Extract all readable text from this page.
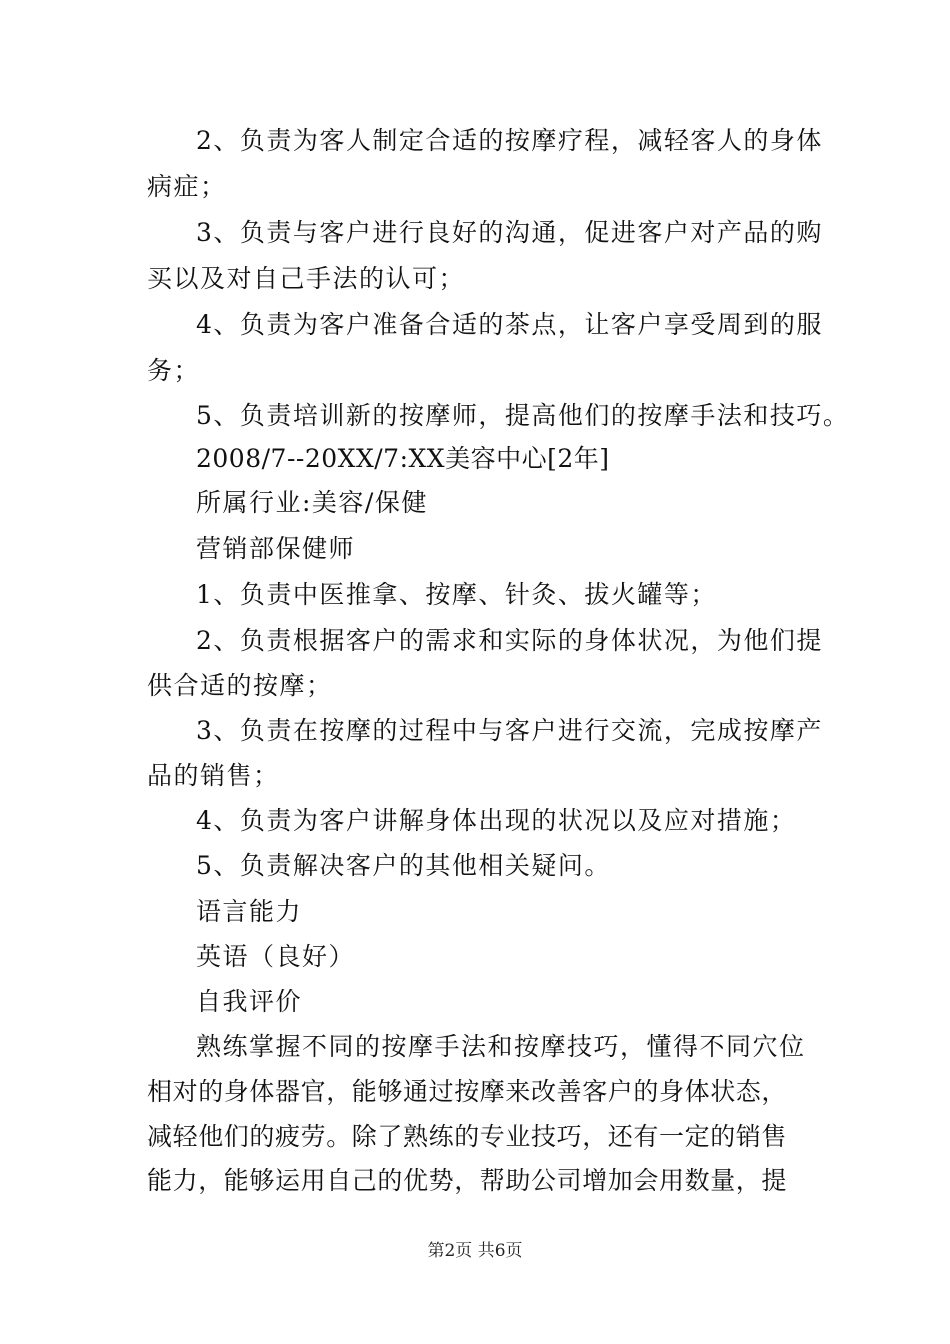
2、负责为客人制定合适的按摩疗程，减轻客人的身体
病症；
3、负责与客户进行良好的沟通，促进客户对产品的购
买以及对自己手法的认可；
4、负责为客户准备合适的茶点，让客户享受周到的服
务；
5、负责培训新的按摩师，提高他们的按摩手法和技巧。
2008/7--20XX/7:XX美容中心[2年]
所属行业:美容/保健
营销部保健师
1、负责中医推拿、按摩、针灸、拔火罐等；
2、负责根据客户的需求和实际的身体状况，为他们提
供合适的按摩；
3、负责在按摩的过程中与客户进行交流，完成按摩产
品的销售；
4、负责为客户讲解身体出现的状况以及应对措施；
5、负责解决客户的其他相关疑问。
语言能力
英语（良好）
自我评价
熟练掌握不同的按摩手法和按摩技巧，懂得不同穴位
相对的身体器官，能够通过按摩来改善客户的身体状态，
减轻他们的疲劳。除了熟练的专业技巧，还有一定的销售
能力，能够运用自己的优势，帮助公司增加会用数量，提
第2页 共6页
